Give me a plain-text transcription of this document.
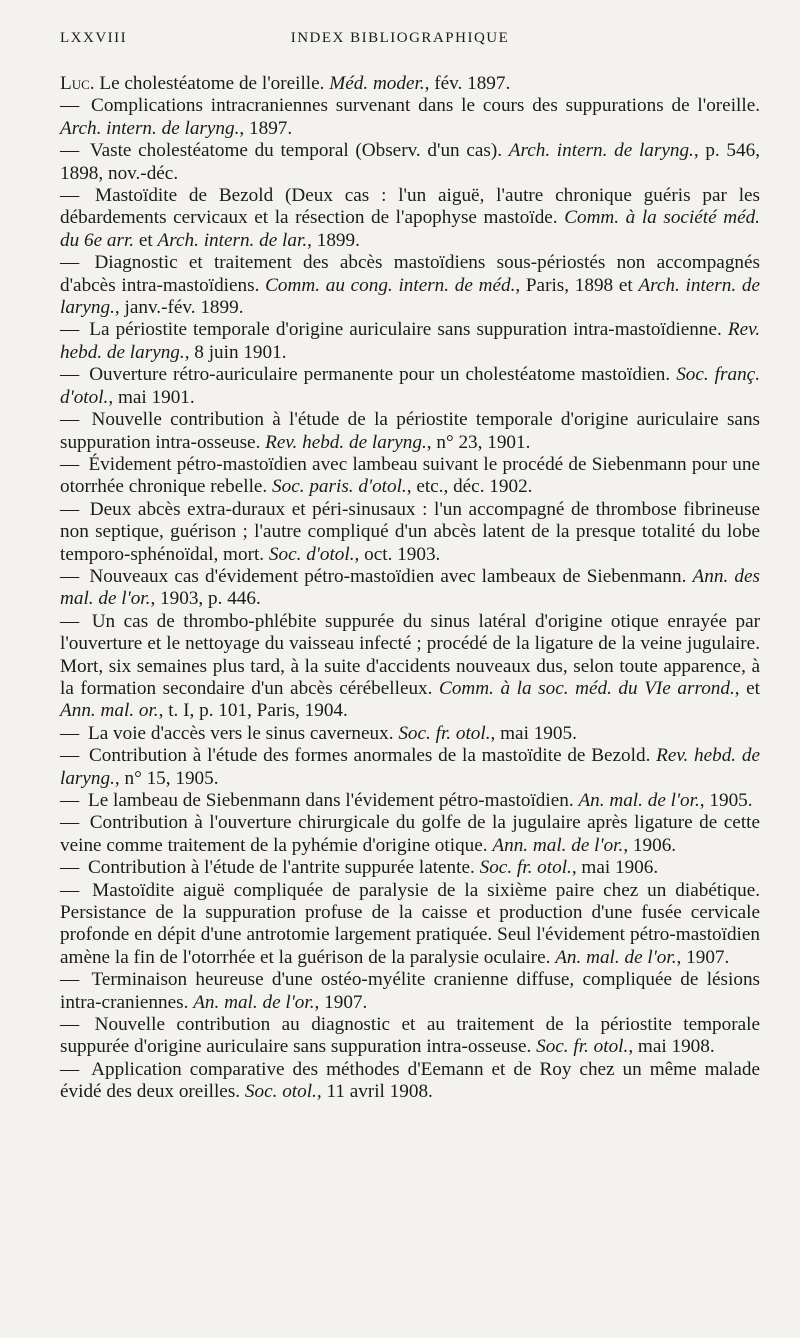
LXXVIII	INDEX BIBLIOGRAPHIQUE

Luc. Le cholestéatome de l'oreille. Méd. moder., fév. 1897.

— Complications intracraniennes survenant dans le cours des suppurations de l'oreille. Arch. intern. de laryng., 1897.

— Vaste cholestéatome du temporal (Observ. d'un cas). Arch. intern. de laryng., p. 546, 1898, nov.-déc.

— Mastoïdite de Bezold (Deux cas : l'un aiguë, l'autre chronique guéris par les débardements cervicaux et la résection de l'apophyse mastoïde. Comm. à la société méd. du 6e arr. et Arch. intern. de lar., 1899.

— Diagnostic et traitement des abcès mastoïdiens sous-périostés non accompagnés d'abcès intra-mastoïdiens. Comm. au cong. intern. de méd., Paris, 1898 et Arch. intern. de laryng., janv.-fév. 1899.

— La périostite temporale d'origine auriculaire sans suppuration intra-mastoïdienne. Rev. hebd. de laryng., 8 juin 1901.

— Ouverture rétro-auriculaire permanente pour un cholestéatome mastoïdien. Soc. franç. d'otol., mai 1901.

— Nouvelle contribution à l'étude de la périostite temporale d'origine auriculaire sans suppuration intra-osseuse. Rev. hebd. de laryng., n° 23, 1901.

— Évidement pétro-mastoïdien avec lambeau suivant le procédé de Siebenmann pour une otorrhée chronique rebelle. Soc. paris. d'otol., etc., déc. 1902.

— Deux abcès extra-duraux et péri-sinusaux : l'un accompagné de thrombose fibrineuse non septique, guérison ; l'autre compliqué d'un abcès latent de la presque totalité du lobe temporo-sphénoïdal, mort. Soc. d'otol., oct. 1903.

— Nouveaux cas d'évidement pétro-mastoïdien avec lambeaux de Siebenmann. Ann. des mal. de l'or., 1903, p. 446.

— Un cas de thrombo-phlébite suppurée du sinus latéral d'origine otique enrayée par l'ouverture et le nettoyage du vaisseau infecté ; procédé de la ligature de la veine jugulaire. Mort, six semaines plus tard, à la suite d'accidents nouveaux dus, selon toute apparence, à la formation secondaire d'un abcès cérébelleux. Comm. à la soc. méd. du VIe arrond., et Ann. mal. or., t. I, p. 101, Paris, 1904.

— La voie d'accès vers le sinus caverneux. Soc. fr. otol., mai 1905.

— Contribution à l'étude des formes anormales de la mastoïdite de Bezold. Rev. hebd. de laryng., n° 15, 1905.

— Le lambeau de Siebenmann dans l'évidement pétro-mastoïdien. An. mal. de l'or., 1905.

— Contribution à l'ouverture chirurgicale du golfe de la jugulaire après ligature de cette veine comme traitement de la pyhémie d'origine otique. Ann. mal. de l'or., 1906.

— Contribution à l'étude de l'antrite suppurée latente. Soc. fr. otol., mai 1906.

— Mastoïdite aiguë compliquée de paralysie de la sixième paire chez un diabétique. Persistance de la suppuration profuse de la caisse et production d'une fusée cervicale profonde en dépit d'une antrotomie largement pratiquée. Seul l'évidement pétro-mastoïdien amène la fin de l'otorrhée et la guérison de la paralysie oculaire. An. mal. de l'or., 1907.

— Terminaison heureuse d'une ostéo-myélite cranienne diffuse, compliquée de lésions intra-craniennes. An. mal. de l'or., 1907.

— Nouvelle contribution au diagnostic et au traitement de la périostite temporale suppurée d'origine auriculaire sans suppuration intra-osseuse. Soc. fr. otol., mai 1908.

— Application comparative des méthodes d'Eemann et de Roy chez un même malade évidé des deux oreilles. Soc. otol., 11 avril 1908.
